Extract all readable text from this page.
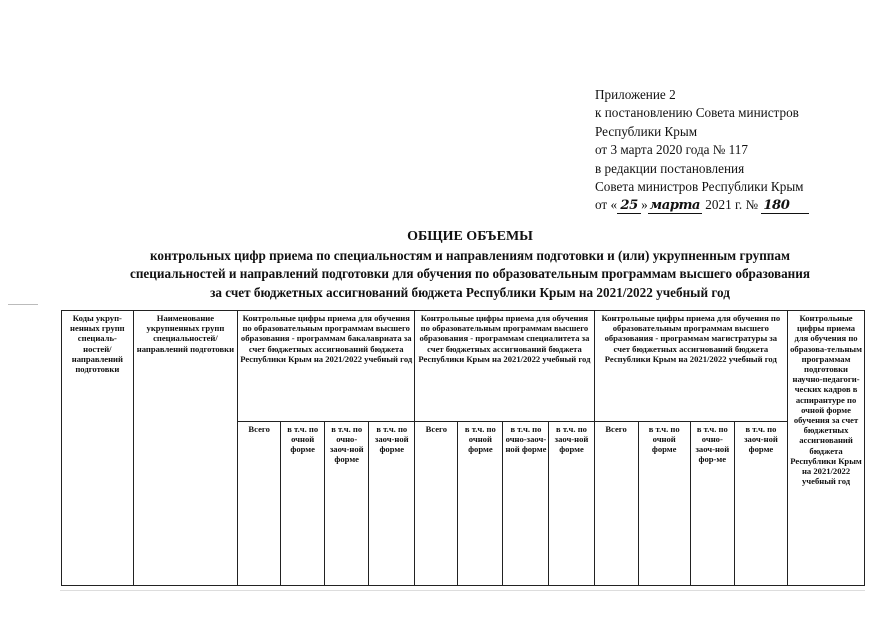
Приложение 2
к постановлению Совета министров
Республики Крым
от 3 марта 2020 года № 117
в редакции постановления
Совета министров Республики Крым
от « 25 » марта 2021 г. № 180
ОБЩИЕ ОБЪЕМЫ
контрольных цифр приема по специальностям и направлениям подготовки и (или) укрупненным группам
специальностей и направлений подготовки для обучения по образовательным программам высшего образования
за счет бюджетных ассигнований бюджета Республики Крым на 2021/2022 учебный год
Коды укруп-ненных групп специаль-ностей/ направлений подготовки	Наименование укрупненных групп специальностей/ направлений подготовки	Контрольные цифры приема для обучения по образовательным программам высшего образования - программам бакалавриата за счет бюджетных ассигнований бюджета Республики Крым на 2021/2022 учебный год				Контрольные цифры приема для обучения по образовательным программам высшего образования - программам специалитета за счет бюджетных ассигнований бюджета Республики Крым на 2021/2022 учебный год				Контрольные цифры приема для обучения по образовательным программам высшего образования - программам магистратуры за счет бюджетных ассигнований бюджета Республики Крым на 2021/2022 учебный год				Контрольные цифры приема для обучения по образова-тельным программам подготовки научно-педагоги-ческих кадров в аспирантуре по очной форме обучения за счет бюджетных ассигнований бюджета Республики Крым на 2021/2022 учебный год
		Всего	в т.ч. по очной форме	в т.ч. по очно-заоч-ной форме	в т.ч. по заоч-ной форме	Всего	в т.ч. по очной форме	в т.ч. по очно-заоч-ной форме	в т.ч. по заоч-ной форме	Всего	в т.ч. по очной форме	в т.ч. по очно-заоч-ной фор-ме	в т.ч. по заоч-ной форме	
